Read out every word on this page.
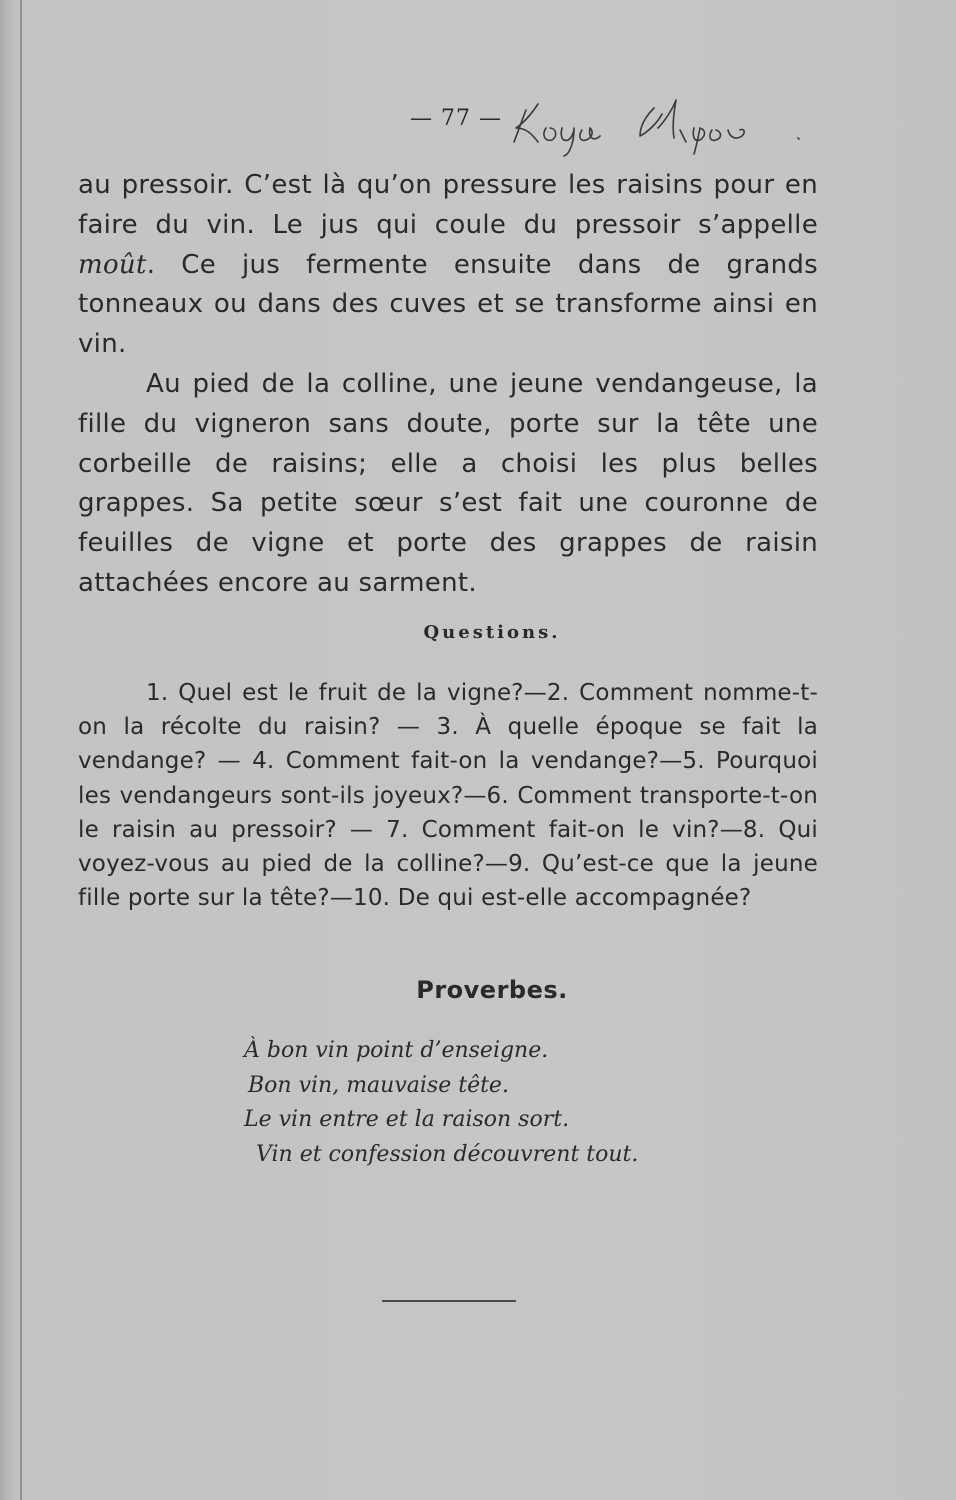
— 77 —

au pressoir. C’est là qu’on pressure les raisins pour en faire du vin. Le jus qui coule du pressoir s’appelle moût. Ce jus fermente ensuite dans de grands tonneaux ou dans des cuves et se transforme ainsi en vin.

Au pied de la colline, une jeune vendangeuse, la fille du vigneron sans doute, porte sur la tête une corbeille de raisins; elle a choisi les plus belles grappes. Sa petite sœur s’est fait une couronne de feuilles de vigne et porte des grappes de raisin attachées encore au sarment.

Questions.

1. Quel est le fruit de la vigne?—2. Comment nomme-t-on la récolte du raisin? — 3. À quelle époque se fait la vendange? — 4. Comment fait-on la vendange?—5. Pourquoi les vendangeurs sont-ils joyeux?—6. Comment transporte-t-on le raisin au pressoir? — 7. Comment fait-on le vin?—8. Qui voyez-vous au pied de la colline?—9. Qu’est-ce que la jeune fille porte sur la tête?—10. De qui est-elle accompagnée?

Proverbes.
À bon vin point d’enseigne.
Bon vin, mauvaise tête.
Le vin entre et la raison sort.
Vin et confession découvrent tout.
